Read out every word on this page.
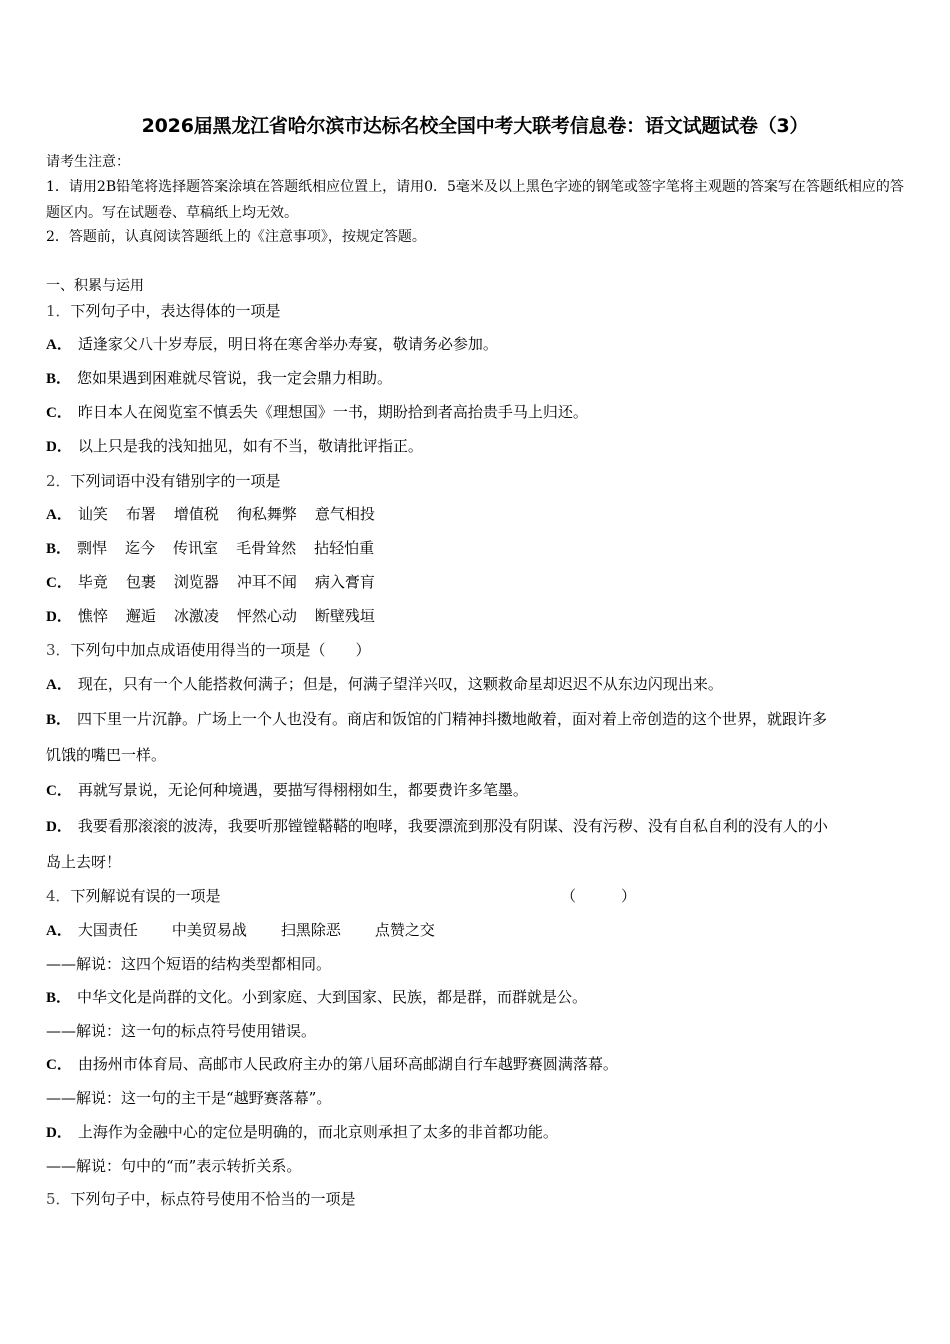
2026届黑龙江省哈尔滨市达标名校全国中考大联考信息卷：语文试题试卷（3）
请考生注意：
1．请用2B铅笔将选择题答案涂填在答题纸相应位置上，请用0．5毫米及以上黑色字迹的钢笔或签字笔将主观题的答案写在答题纸相应的答题区内。写在试题卷、草稿纸上均无效。
2．答题前，认真阅读答题纸上的《注意事项》，按规定答题。
一、积累与运用
1．下列句子中，表达得体的一项是
A． 适逢家父八十岁寿辰，明日将在寒舍举办寿宴，敬请务必参加。
B． 您如果遇到困难就尽管说，我一定会鼎力相助。
C． 昨日本人在阅览室不慎丢失《理想国》一书，期盼拾到者高抬贵手马上归还。
D． 以上只是我的浅知拙见，如有不当，敬请批评指正。
2．下列词语中没有错别字的一项是
A． 讪笑 布署 增值税 徇私舞弊 意气相投
B． 剽悍 迄今 传讯室 毛骨耸然 拈轻怕重
C． 毕竟 包裹 浏览器 冲耳不闻 病入膏肓
D． 憔悴 邂逅 冰激凌 怦然心动 断壁残垣
3．下列句中加点成语使用得当的一项是（　　）
A． 现在，只有一个人能搭救何满子；但是，何满子望洋兴叹，这颗救命星却迟迟不从东边闪现出来。
B． 四下里一片沉静。广场上一个人也没有。商店和饭馆的门精神抖擞地敞着，面对着上帝创造的这个世界，就跟许多
饥饿的嘴巴一样。
C． 再就写景说，无论何种境遇，要描写得栩栩如生，都要费许多笔墨。
D． 我要看那滚滚的波涛，我要听那镗镗鞳鞳的咆哮，我要漂流到那没有阴谋、没有污秽、没有自私自利的没有人的小
岛上去呀！
4．下列解说有误的一项是	（　　　）
A． 大国责任 中美贸易战 扫黑除恶 点赞之交
——解说：这四个短语的结构类型都相同。
B． 中华文化是尚群的文化。小到家庭、大到国家、民族，都是群，而群就是公。
——解说：这一句的标点符号使用错误。
C． 由扬州市体育局、高邮市人民政府主办的第八届环高邮湖自行车越野赛圆满落幕。
——解说：这一句的主干是“越野赛落幕”。
D． 上海作为金融中心的定位是明确的，而北京则承担了太多的非首都功能。
——解说：句中的“而”表示转折关系。
5．下列句子中，标点符号使用不恰当的一项是
